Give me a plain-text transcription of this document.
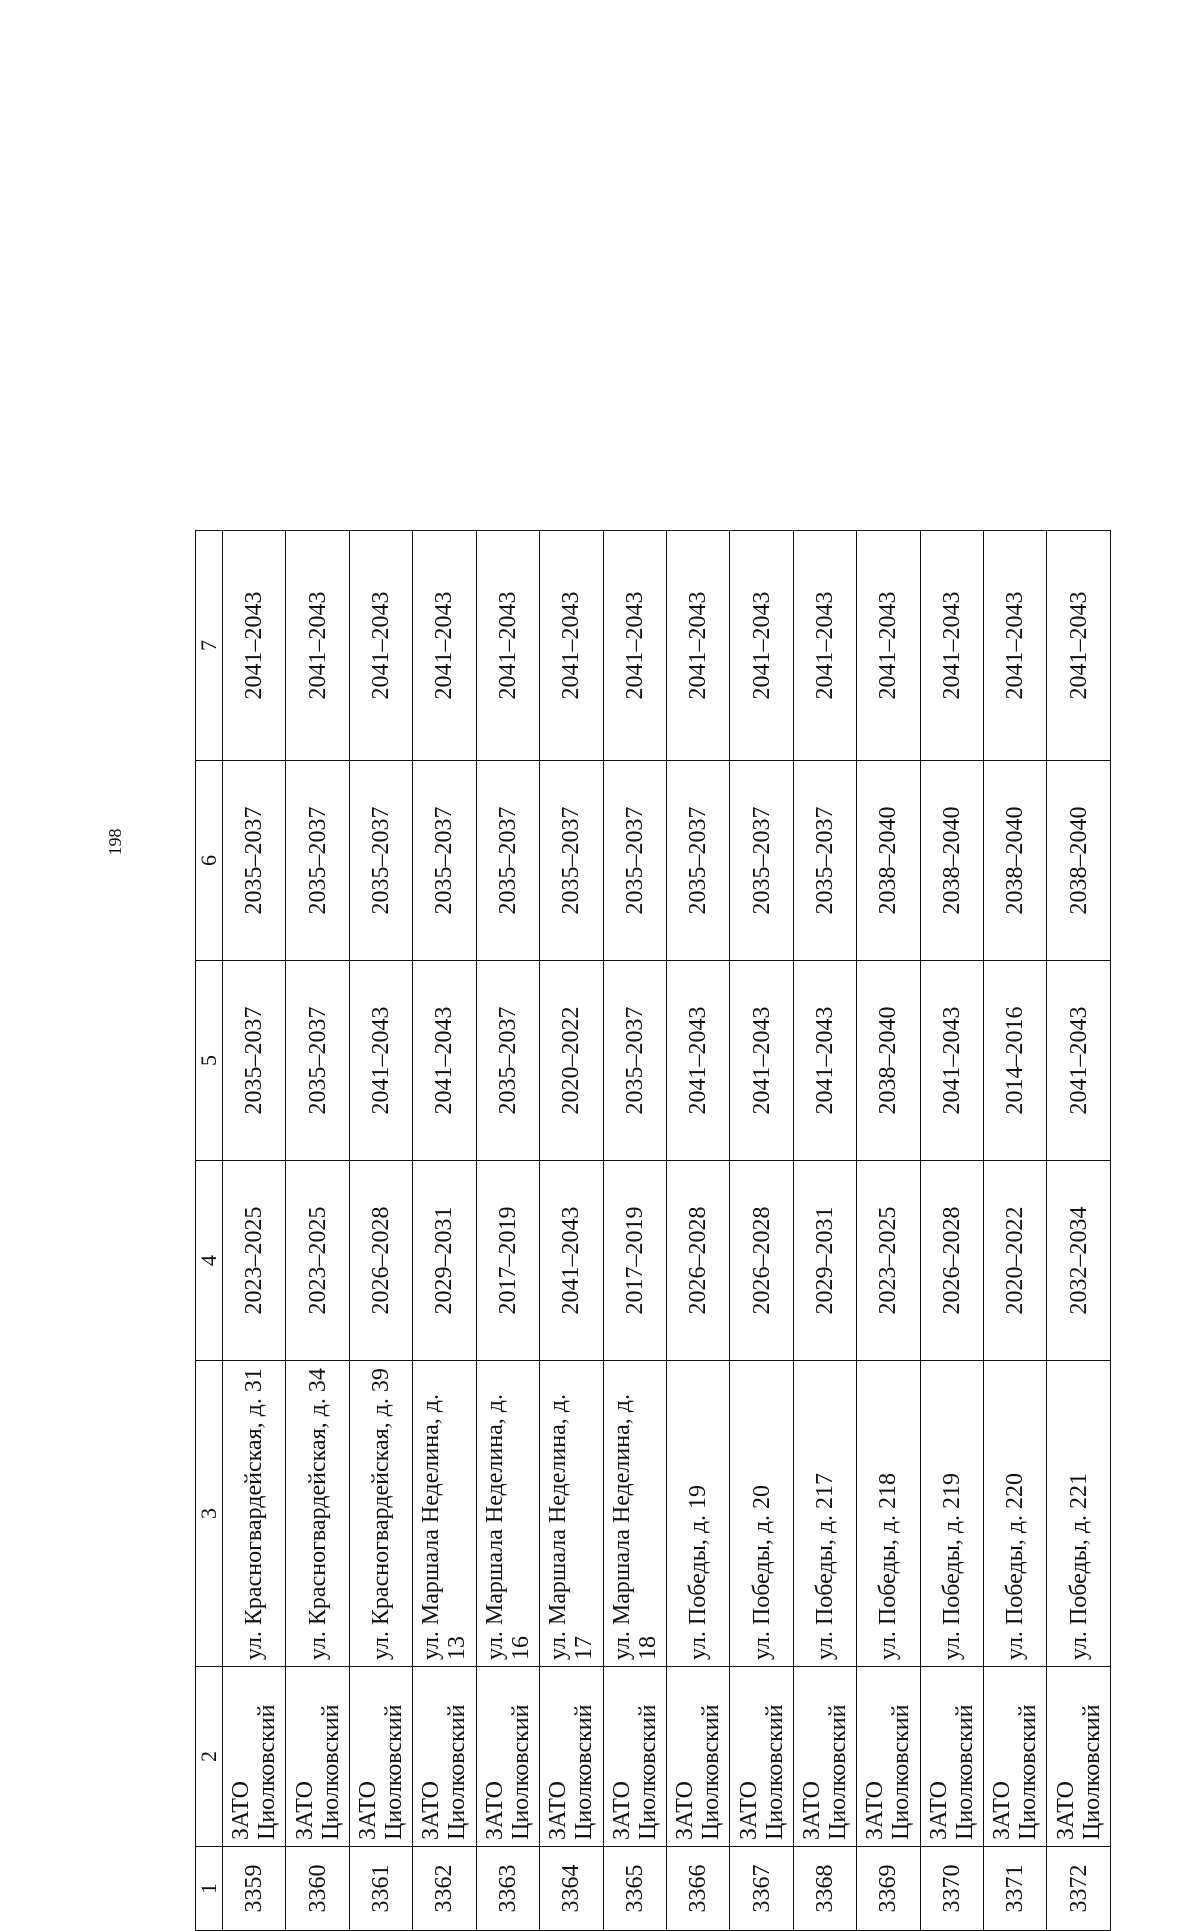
198
1	2	3	4	5	6	7
3359	ЗАТО Циолковский	ул. Красногвардейская, д. 31	2023–2025	2035–2037	2035–2037	2041–2043
3360	ЗАТО Циолковский	ул. Красногвардейская, д. 34	2023–2025	2035–2037	2035–2037	2041–2043
3361	ЗАТО Циолковский	ул. Красногвардейская, д. 39	2026–2028	2041–2043	2035–2037	2041–2043
3362	ЗАТО Циолковский	ул. Маршала Неделина, д. 13	2029–2031	2041–2043	2035–2037	2041–2043
3363	ЗАТО Циолковский	ул. Маршала Неделина, д. 16	2017–2019	2035–2037	2035–2037	2041–2043
3364	ЗАТО Циолковский	ул. Маршала Неделина, д. 17	2041–2043	2020–2022	2035–2037	2041–2043
3365	ЗАТО Циолковский	ул. Маршала Неделина, д. 18	2017–2019	2035–2037	2035–2037	2041–2043
3366	ЗАТО Циолковский	ул. Победы, д. 19	2026–2028	2041–2043	2035–2037	2041–2043
3367	ЗАТО Циолковский	ул. Победы, д. 20	2026–2028	2041–2043	2035–2037	2041–2043
3368	ЗАТО Циолковский	ул. Победы, д. 217	2029–2031	2041–2043	2035–2037	2041–2043
3369	ЗАТО Циолковский	ул. Победы, д. 218	2023–2025	2038–2040	2038–2040	2041–2043
3370	ЗАТО Циолковский	ул. Победы, д. 219	2026–2028	2041–2043	2038–2040	2041–2043
3371	ЗАТО Циолковский	ул. Победы, д. 220	2020–2022	2014–2016	2038–2040	2041–2043
3372	ЗАТО Циолковский	ул. Победы, д. 221	2032–2034	2041–2043	2038–2040	2041–2043
